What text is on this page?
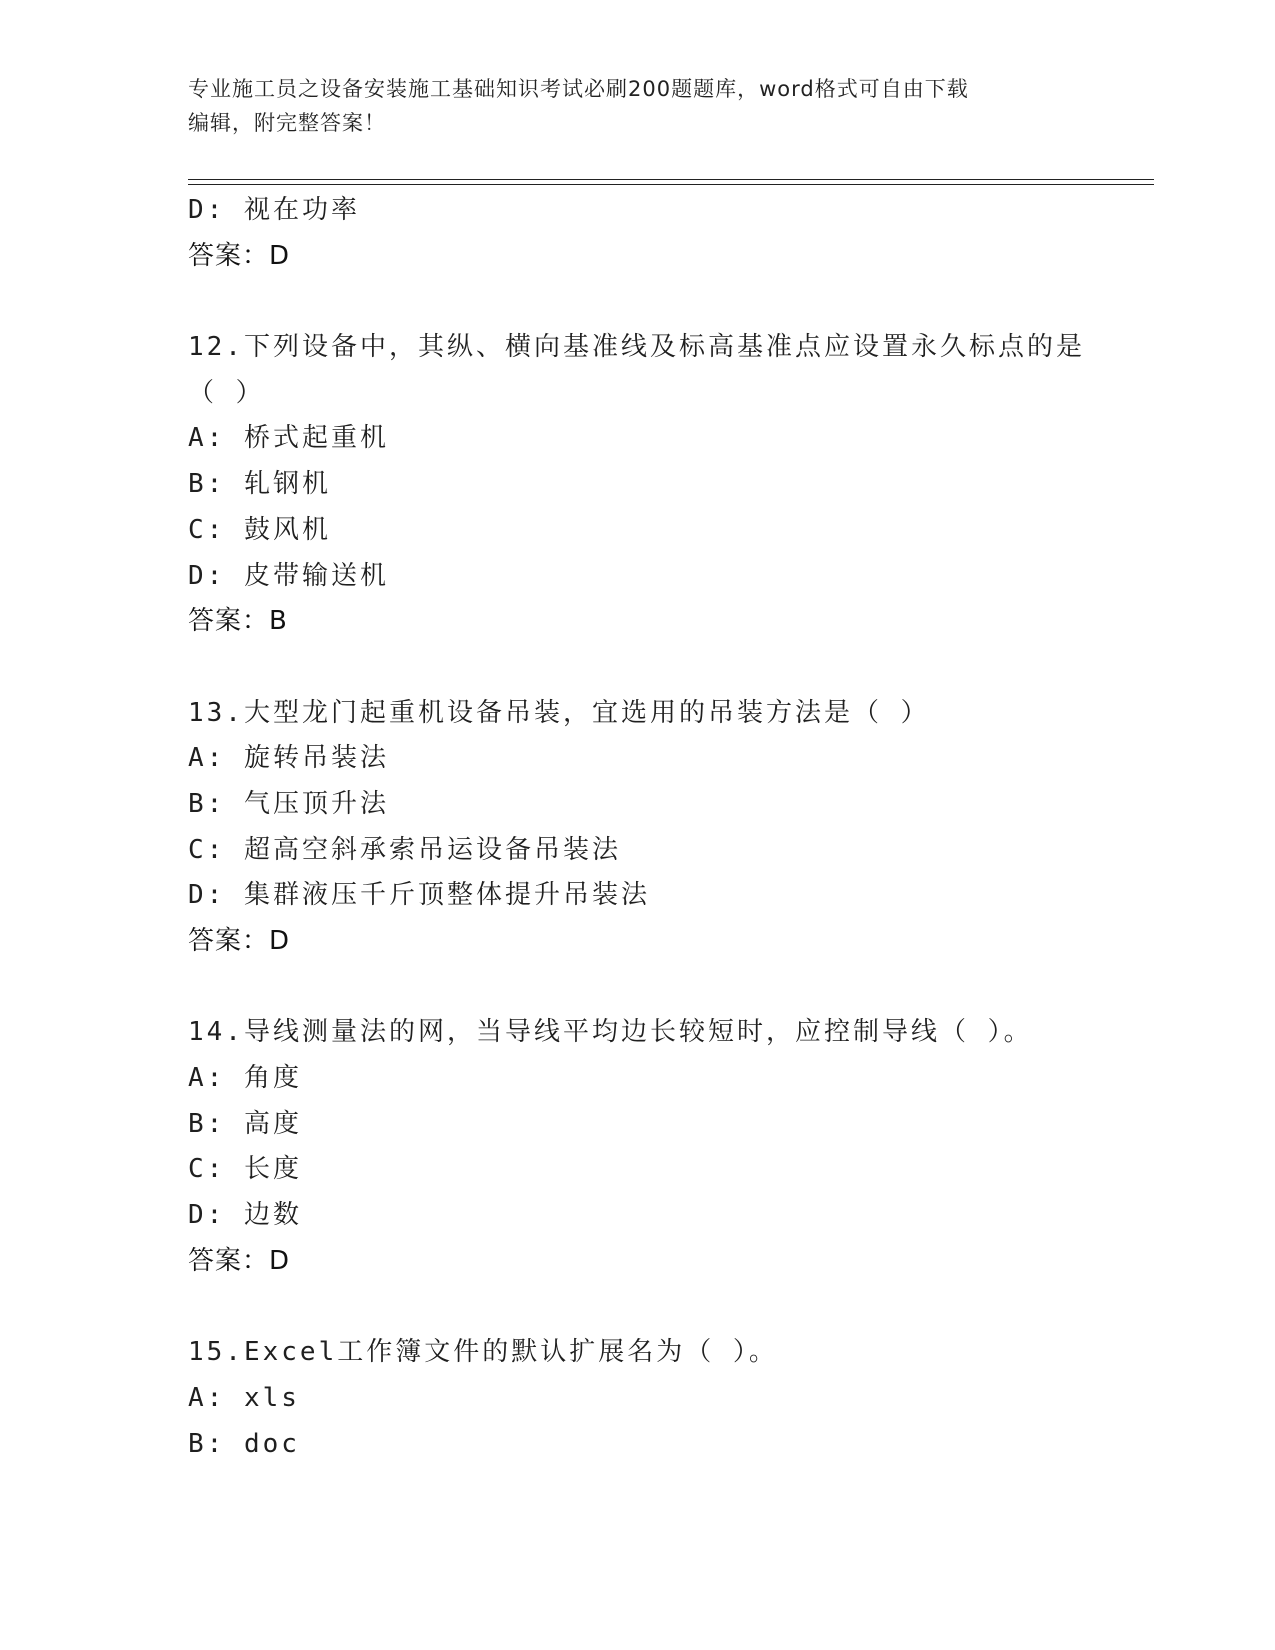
专业施工员之设备安装施工基础知识考试必刷200题题库，word格式可自由下载
编辑，附完整答案！
D: 视在功率
答案：D
12.下列设备中，其纵、横向基准线及标高基准点应设置永久标点的是
（ ）
A: 桥式起重机
B: 轧钢机
C: 鼓风机
D: 皮带输送机
答案：B
13.大型龙门起重机设备吊装，宜选用的吊装方法是（ ）
A: 旋转吊装法
B: 气压顶升法
C: 超高空斜承索吊运设备吊装法
D: 集群液压千斤顶整体提升吊装法
答案：D
14.导线测量法的网，当导线平均边长较短时，应控制导线（ ）。
A: 角度
B: 高度
C: 长度
D: 边数
答案：D
15.Excel工作簿文件的默认扩展名为（ ）。
A: xls
B: doc
